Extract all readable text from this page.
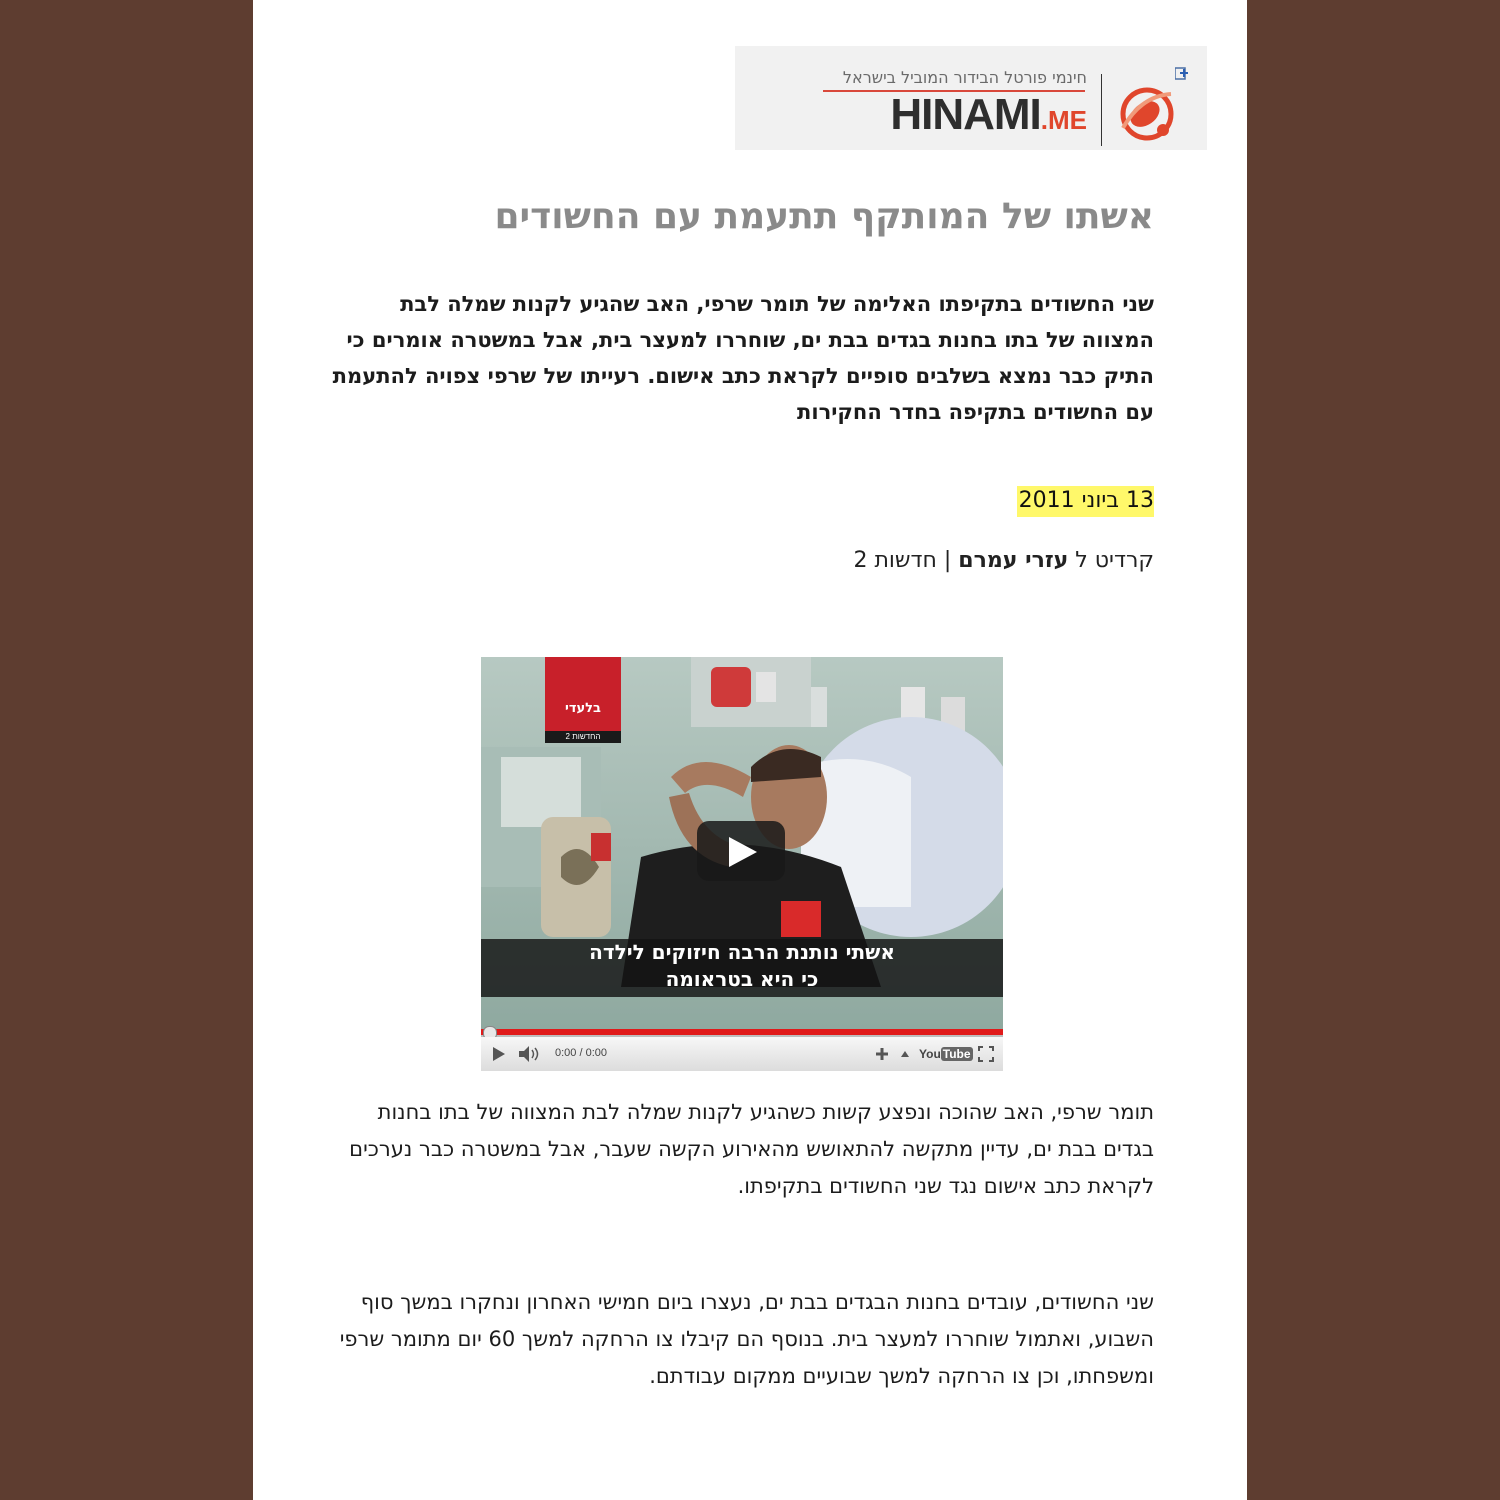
חינמי פורטל הבידור המוביל בישראל
HINAMI.ME
אשתו של המותקף תתעמת עם החשודים
שני החשודים בתקיפתו האלימה של תומר שרפי, האב שהגיע לקנות שמלה לבת המצווה של בתו בחנות בגדים בבת ים, שוחררו למעצר בית, אבל במשטרה אומרים כי התיק כבר נמצא בשלבים סופיים לקראת כתב אישום. רעייתו של שרפי צפויה להתעמת עם החשודים בתקיפה בחדר החקירות
13 ביוני 2011
קרדיט ל עזרי עמרם | חדשות 2
בלעדי
החדשות 2
אשתי נותנת הרבה חיזוקים לילדה
כי היא בטראומה
0:00 / 0:00	You Tube
תומר שרפי, האב שהוכה ונפצע קשות כשהגיע לקנות שמלה לבת המצווה של בתו בחנות בגדים בבת ים, עדיין מתקשה להתאושש מהאירוע הקשה שעבר, אבל במשטרה כבר נערכים לקראת כתב אישום נגד שני החשודים בתקיפתו.
שני החשודים, עובדים בחנות הבגדים בבת ים, נעצרו ביום חמישי האחרון ונחקרו במשך סוף השבוע, ואתמול שוחררו למעצר בית. בנוסף הם קיבלו צו הרחקה למשך 60 יום מתומר שרפי ומשפחתו, וכן צו הרחקה למשך שבועיים ממקום עבודתם.
